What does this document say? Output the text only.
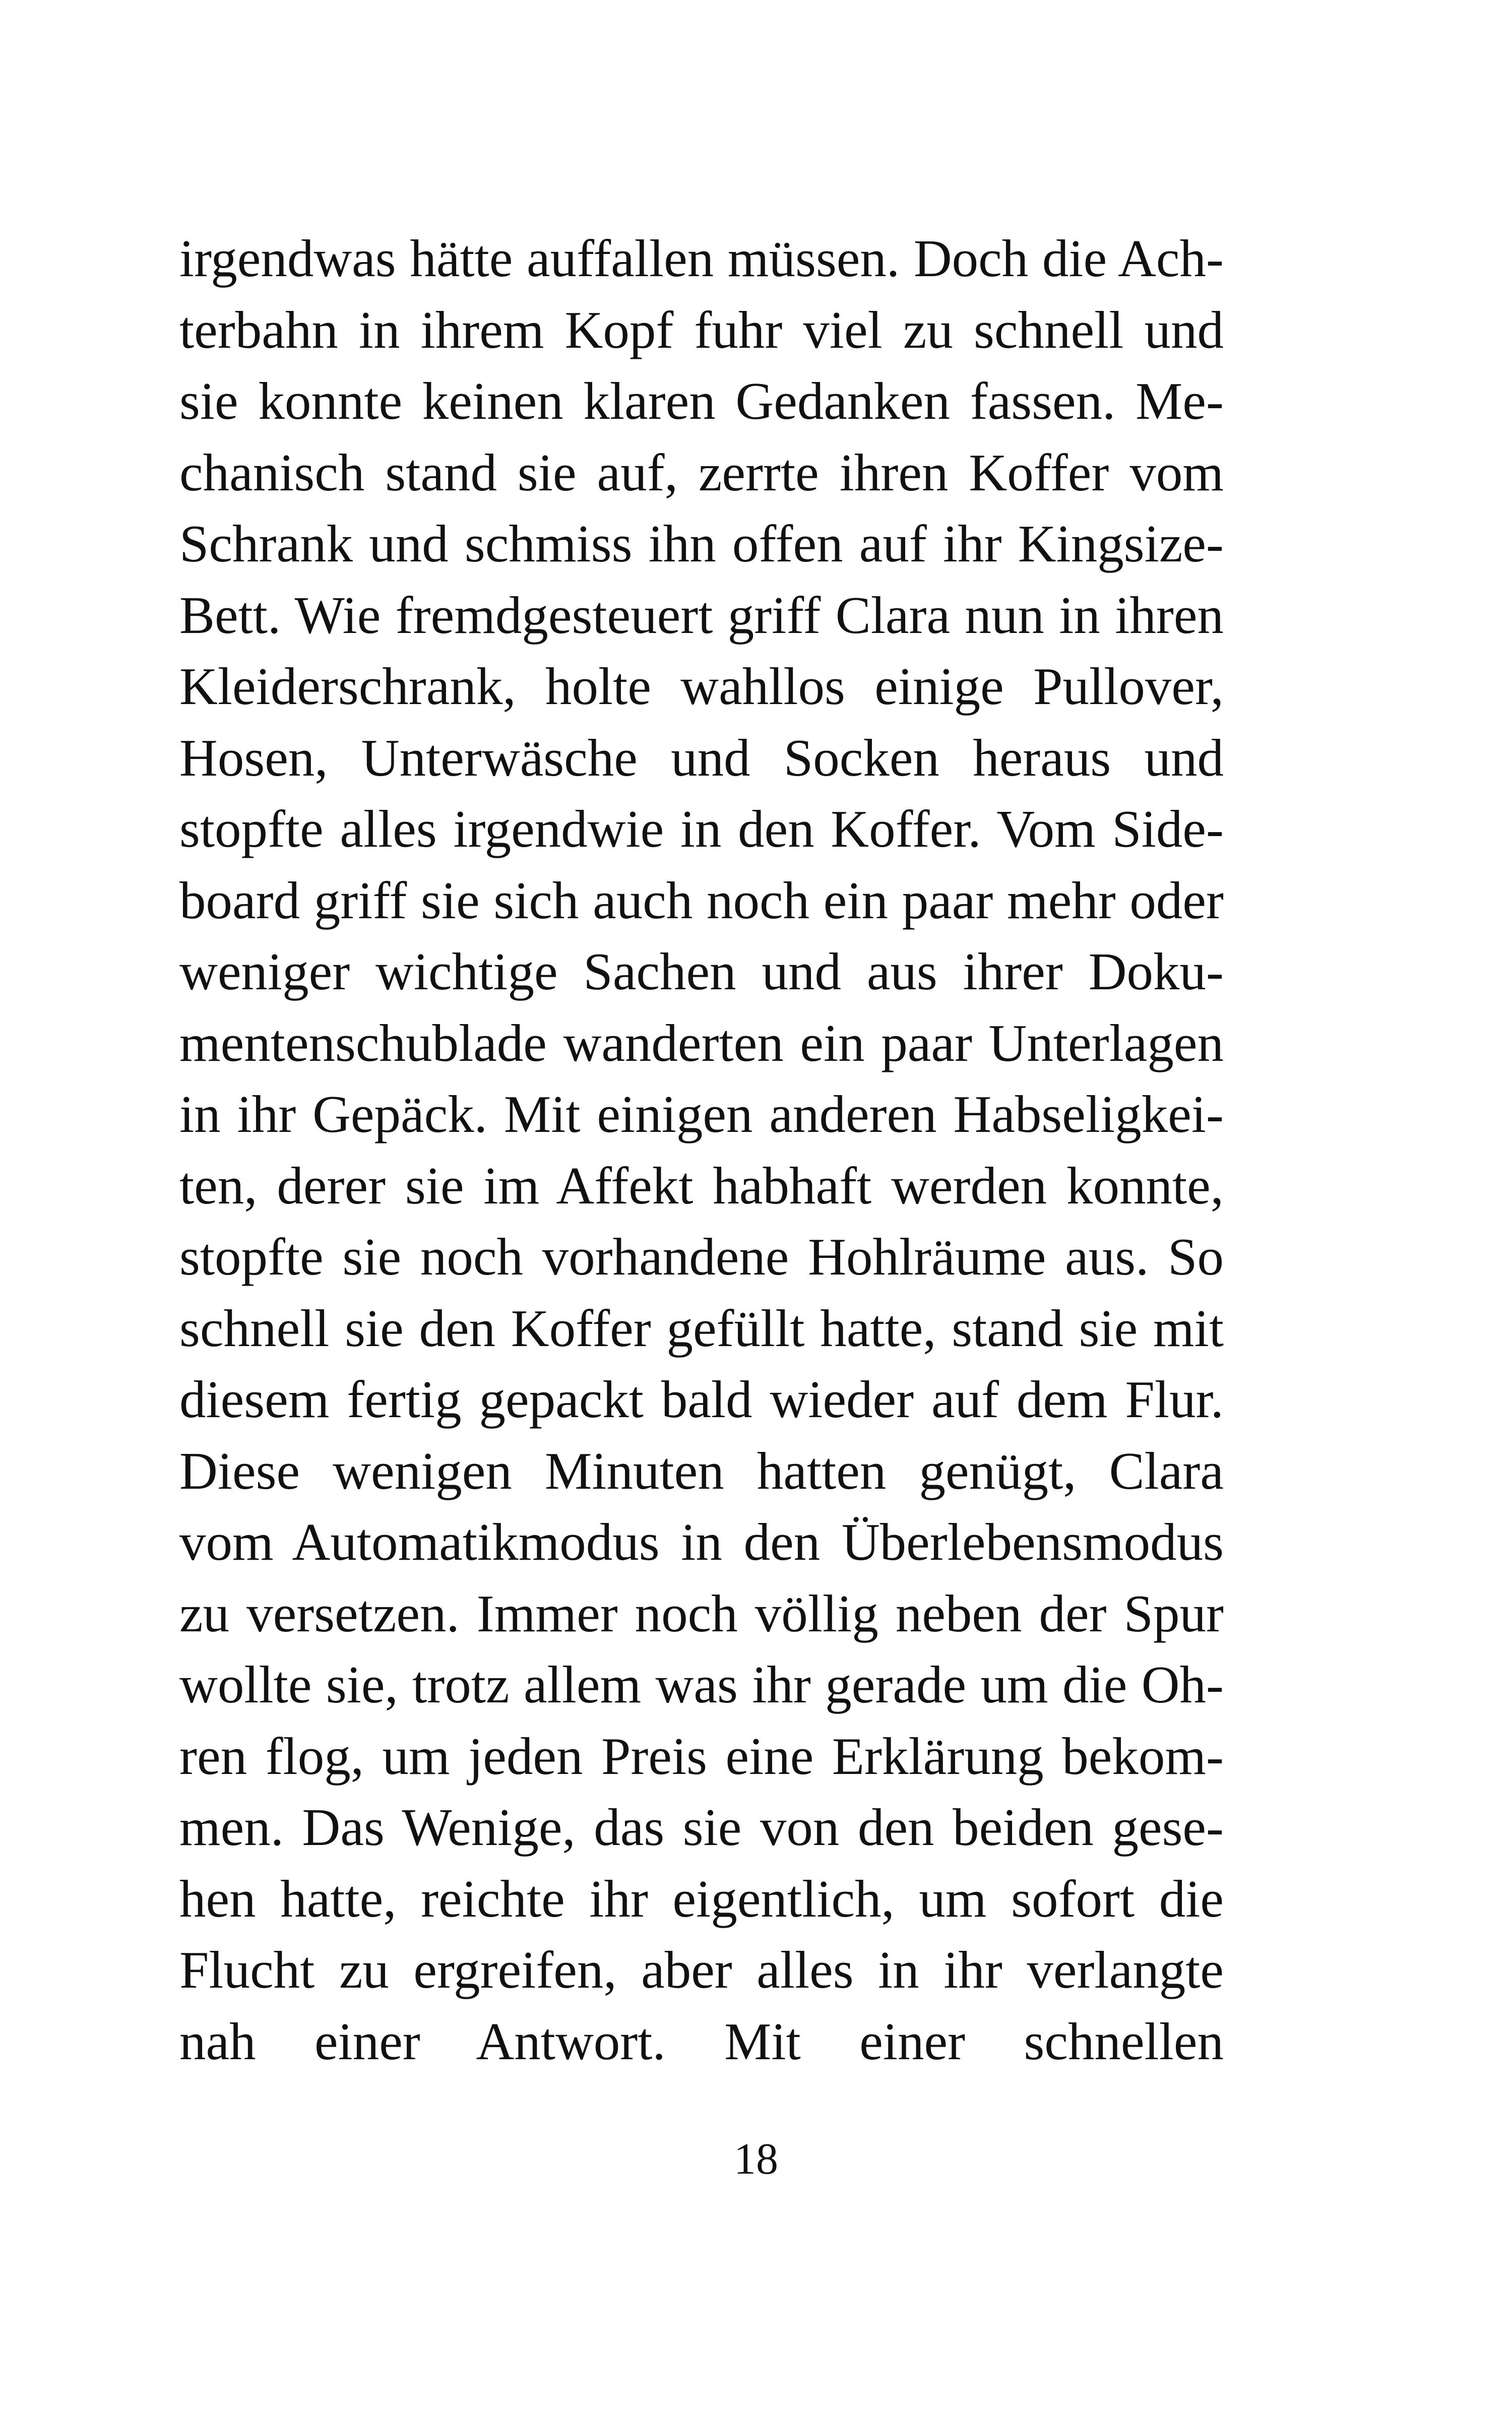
irgendwas hätte auffallen müssen. Doch die Ach-
terbahn in ihrem Kopf fuhr viel zu schnell und
sie konnte keinen klaren Gedanken fassen. Me-
chanisch stand sie auf, zerrte ihren Koffer vom
Schrank und schmiss ihn offen auf ihr Kingsize-
Bett. Wie fremdgesteuert griff Clara nun in ihren
Kleiderschrank, holte wahllos einige Pullover,
Hosen, Unterwäsche und Socken heraus und
stopfte alles irgendwie in den Koffer. Vom Side-
board griff sie sich auch noch ein paar mehr oder
weniger wichtige Sachen und aus ihrer Doku-
mentenschublade wanderten ein paar Unterlagen
in ihr Gepäck. Mit einigen anderen Habseligkei-
ten, derer sie im Affekt habhaft werden konnte,
stopfte sie noch vorhandene Hohlräume aus. So
schnell sie den Koffer gefüllt hatte, stand sie mit
diesem fertig gepackt bald wieder auf dem Flur.
Diese wenigen Minuten hatten genügt, Clara
vom Automatikmodus in den Überlebensmodus
zu versetzen. Immer noch völlig neben der Spur
wollte sie, trotz allem was ihr gerade um die Oh-
ren flog, um jeden Preis eine Erklärung bekom-
men. Das Wenige, das sie von den beiden gese-
hen hatte, reichte ihr eigentlich, um sofort die
Flucht zu ergreifen, aber alles in ihr verlangte
nah einer Antwort. Mit einer schnellen
18
